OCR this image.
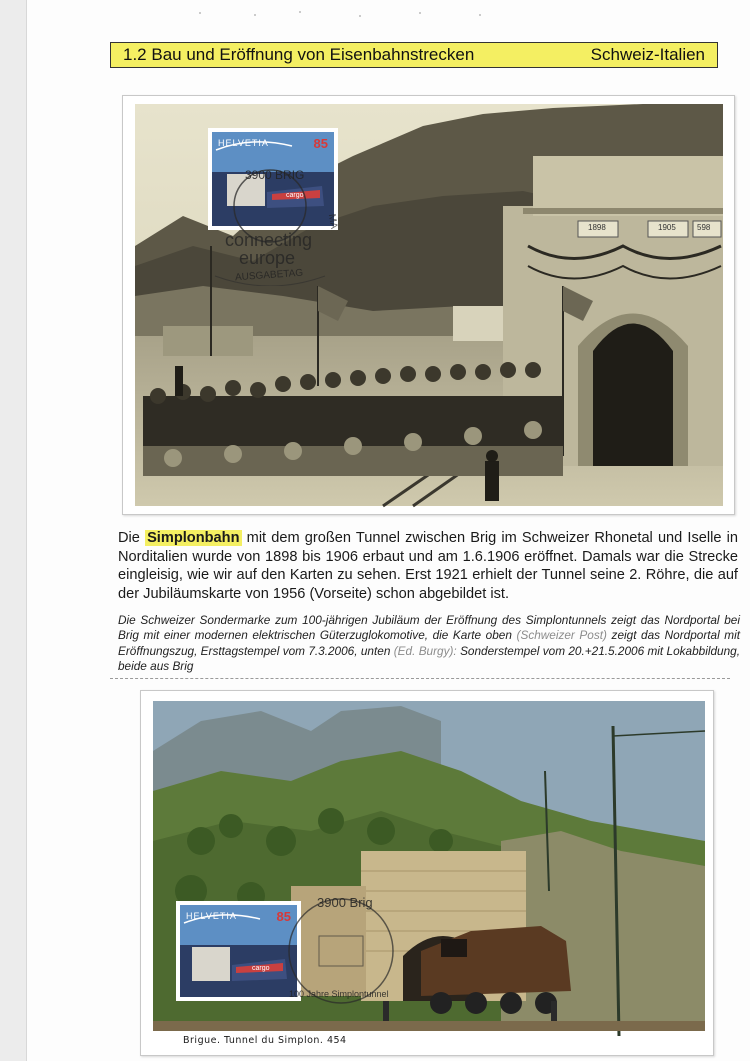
1.2 Bau und Eröffnung von Eisenbahnstrecken	Schweiz-Italien
HELVETIA	85
cargo
3900 BRIG
connecting
europe
AUSGABETAG
MA	1898	1905	598
Die Simplonbahn mit dem großen Tunnel zwischen Brig im Schweizer Rhonetal und Iselle in Norditalien wurde von 1898 bis 1906 erbaut und am 1.6.1906 eröffnet. Damals war die Strecke eingleisig, wie wir auf den Karten zu sehen. Erst 1921 erhielt der Tunnel seine 2. Röhre, die auf der Jubiläumskarte von 1956 (Vorseite) schon abgebildet ist.
Die Schweizer Sondermarke zum 100-jährigen Jubiläum der Eröffnung des Simplontunnels zeigt das Nordportal bei Brig mit einer modernen elektrischen Güterzuglokomotive, die Karte oben (Schweizer Post) zeigt das Nordportal mit Eröffnungszug, Ersttagstempel vom 7.3.2006, unten (Ed. Burgy): Sonderstempel vom 20.+21.5.2006 mit Lokabbildung, beide aus Brig
HELVETIA	85
cargo
3900 Brig
100 Jahre Simplontunnel
Brigue. Tunnel du Simplon. 454
